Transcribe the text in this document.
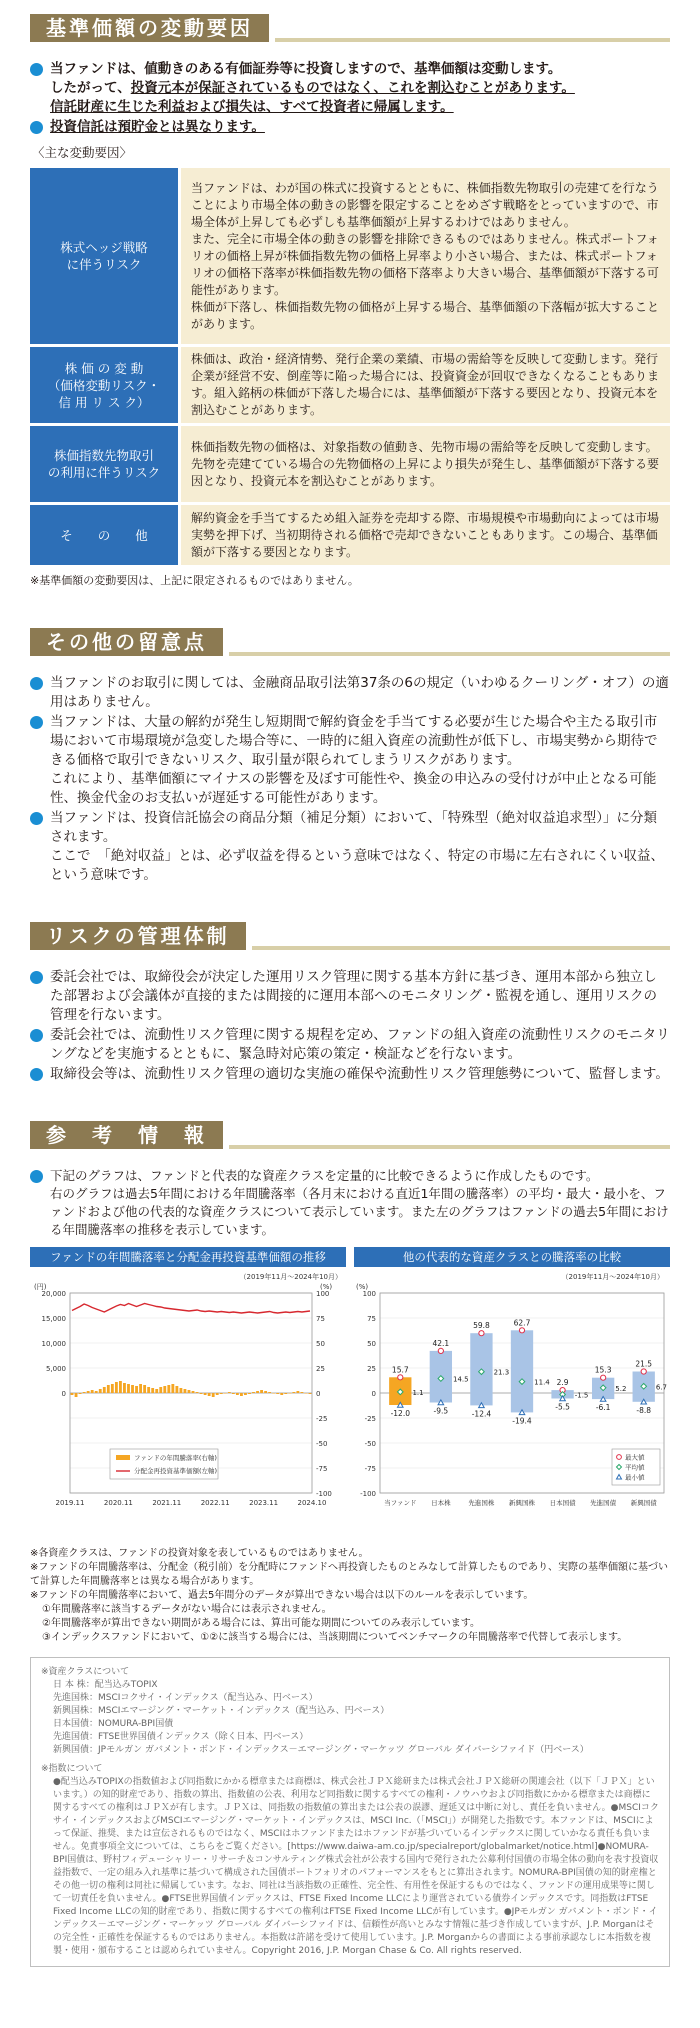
基準価額の変動要因
当ファンドは、値動きのある有価証券等に投資しますので、基準価額は変動します。
したがって、投資元本が保証されているものではなく、これを割込むことがあります。
信託財産に生じた利益および損失は、すべて投資者に帰属します。
投資信託は預貯金とは異なります。
〈主な変動要因〉
株式ヘッジ戦略
に伴うリスク	当ファンドは、わが国の株式に投資するとともに、株価指数先物取引の売建てを行なうことにより市場全体の動きの影響を限定することをめざす戦略をとっていますので、市場全体が上昇しても必ずしも基準価額が上昇するわけではありません。
また、完全に市場全体の動きの影響を排除できるものではありません。株式ポートフォリオの価格上昇が株価指数先物の価格上昇率より小さい場合、または、株式ポートフォリオの価格下落率が株価指数先物の価格下落率より大きい場合、基準価額が下落する可能性があります。
株価が下落し、株価指数先物の価格が上昇する場合、基準価額の下落幅が拡大することがあります。
株 価 の 変 動
（価格変動リスク・
信 用 リ ス ク）	株価は、政治・経済情勢、発行企業の業績、市場の需給等を反映して変動します。発行企業が経営不安、倒産等に陥った場合には、投資資金が回収できなくなることもあります。組入銘柄の株価が下落した場合には、基準価額が下落する要因となり、投資元本を割込むことがあります。
株価指数先物取引
の利用に伴うリスク	株価指数先物の価格は、対象指数の値動き、先物市場の需給等を反映して変動します。先物を売建てている場合の先物価格の上昇により損失が発生し、基準価額が下落する要因となり、投資元本を割込むことがあります。
そ　　の　　他	解約資金を手当てするため組入証券を売却する際、市場規模や市場動向によっては市場実勢を押下げ、当初期待される価格で売却できないこともあります。この場合、基準価額が下落する要因となります。
※基準価額の変動要因は、上記に限定されるものではありません。
その他の留意点
当ファンドのお取引に関しては、金融商品取引法第37条の6の規定（いわゆるクーリング・オフ）の適用はありません。
当ファンドは、大量の解約が発生し短期間で解約資金を手当てする必要が生じた場合や主たる取引市場において市場環境が急変した場合等に、一時的に組入資産の流動性が低下し、市場実勢から期待できる価格で取引できないリスク、取引量が限られてしまうリスクがあります。
これにより、基準価額にマイナスの影響を及ぼす可能性や、換金の申込みの受付けが中止となる可能性、換金代金のお支払いが遅延する可能性があります。
当ファンドは、投資信託協会の商品分類（補足分類）において、「特殊型（絶対収益追求型）」に分類されます。
ここで　「絶対収益」とは、必ず収益を得るという意味ではなく、特定の市場に左右されにくい収益、という意味です。
リスクの管理体制
委託会社では、取締役会が決定した運用リスク管理に関する基本方針に基づき、運用本部から独立した部署および会議体が直接的または間接的に運用本部へのモニタリング・監視を通し、運用リスクの管理を行ないます。
委託会社では、流動性リスク管理に関する規程を定め、ファンドの組入資産の流動性リスクのモニタリングなどを実施するとともに、緊急時対応策の策定・検証などを行ないます。
取締役会等は、流動性リスク管理の適切な実施の確保や流動性リスク管理態勢について、監督します。
参　考　情　報
下記のグラフは、ファンドと代表的な資産クラスを定量的に比較できるように作成したものです。
右のグラフは過去5年間における年間騰落率（各月末における直近1年間の騰落率）の平均・最大・最小を、ファンドおよび他の代表的な資産クラスについて表示しています。また左のグラフはファンドの過去5年間における年間騰落率の推移を表示しています。
ファンドの年間騰落率と分配金再投資基準価額の推移
（2019年11月～2024年10月）
(円)	(%)
100
75
50
25
0
-25
-50
-75
-100
20,000
15,000
10,000
5,000
0
2019.11	2020.11	2021.11	2022.11	2023.11	2024.10
ファンドの年間騰落率(右軸)
分配金再投資基準価額(左軸)
他の代表的な資産クラスとの騰落率の比較
（2019年11月～2024年10月）
(%)
100
75
50
25
0
-25
-50
-75
-100
15.7
1.1
-12.0
当ファンド
42.1
14.5
-9.5
日本株
59.8
21.3
-12.4
先進国株
62.7
11.4
-19.4
新興国株
2.9
-1.5
-5.5
日本国債
15.3
5.2
-6.1
先進国債
21.5
6.7
-8.8
新興国債
最大値
平均値
最小値
※各資産クラスは、ファンドの投資対象を表しているものではありません。
※ファンドの年間騰落率は、分配金（税引前）を分配時にファンドへ再投資したものとみなして計算したものであり、実際の基準価額に基づいて計算した年間騰落率とは異なる場合があります。
※ファンドの年間騰落率において、過去5年間分のデータが算出できない場合は以下のルールを表示しています。
①年間騰落率に該当するデータがない場合には表示されません。
②年間騰落率が算出できない期間がある場合には、算出可能な期間についてのみ表示しています。
③インデックスファンドにおいて、①②に該当する場合には、当該期間についてベンチマークの年間騰落率で代替して表示します。
※資産クラスについて
日 本 株：配当込みTOPIX
先進国株：MSCIコクサイ・インデックス（配当込み、円ベース）
新興国株：MSCIエマージング・マーケット・インデックス（配当込み、円ベース）
日本国債：NOMURA-BPI国債
先進国債：FTSE世界国債インデックス（除く日本、円ベース）
新興国債：JPモルガン ガバメント・ボンド・インデックス－エマージング・マーケッツ グローバル ダイバーシファイド（円ベース）
※指数について
●配当込みTOPIXの指数値および同指数にかかる標章または商標は、株式会社ＪＰＸ総研または株式会社ＪＰＸ総研の関連会社（以下「ＪＰＸ」といいます。）の知的財産であり、指数の算出、指数値の公表、利用など同指数に関するすべての権利・ノウハウおよび同指数にかかる標章または商標に関するすべての権利はＪＰＸが有します。ＪＰＸは、同指数の指数値の算出または公表の誤謬、遅延又は中断に対し、責任を負いません。●MSCIコクサイ・インデックスおよびMSCIエマージング・マーケット・インデックスは、MSCI Inc.（「MSCI」）が開発した指数です。本ファンドは、MSCIによって保証、推奨、または宣伝されるものではなく、MSCIはホファンドまたはホファンドが基づいているインデックスに関していかなる責任も負いません。免責事項全文については、こちらをご覧ください。[https://www.daiwa-am.co.jp/specialreport/globalmarket/notice.html]●NOMURA-BPI国債は、野村フィデューシャリー・リサーチ＆コンサルティング株式会社が公表する国内で発行された公募利付国債の市場全体の動向を表す投資収益指数で、一定の組み入れ基準に基づいて構成された国債ポートフォリオのパフォーマンスをもとに算出されます。NOMURA-BPI国債の知的財産権とその他一切の権利は同社に帰属しています。なお、同社は当該指数の正確性、完全性、有用性を保証するものではなく、ファンドの運用成果等に関して一切責任を負いません。●FTSE世界国債インデックスは、FTSE Fixed Income LLCにより運営されている債券インデックスです。同指数はFTSE Fixed Income LLCの知的財産であり、指数に関するすべての権利はFTSE Fixed Income LLCが有しています。●JPモルガン ガバメント・ボンド・インデックス－エマージング・マーケッツ グローバル ダイバーシファイドは、信頼性が高いとみなす情報に基づき作成していますが、J.P. Morganはその完全性・正確性を保証するものではありません。本指数は許諾を受けて使用しています。J.P. Morganからの書面による事前承認なしに本指数を複製・使用・頒布することは認められていません。Copyright 2016, J.P. Morgan Chase & Co. All rights reserved.
